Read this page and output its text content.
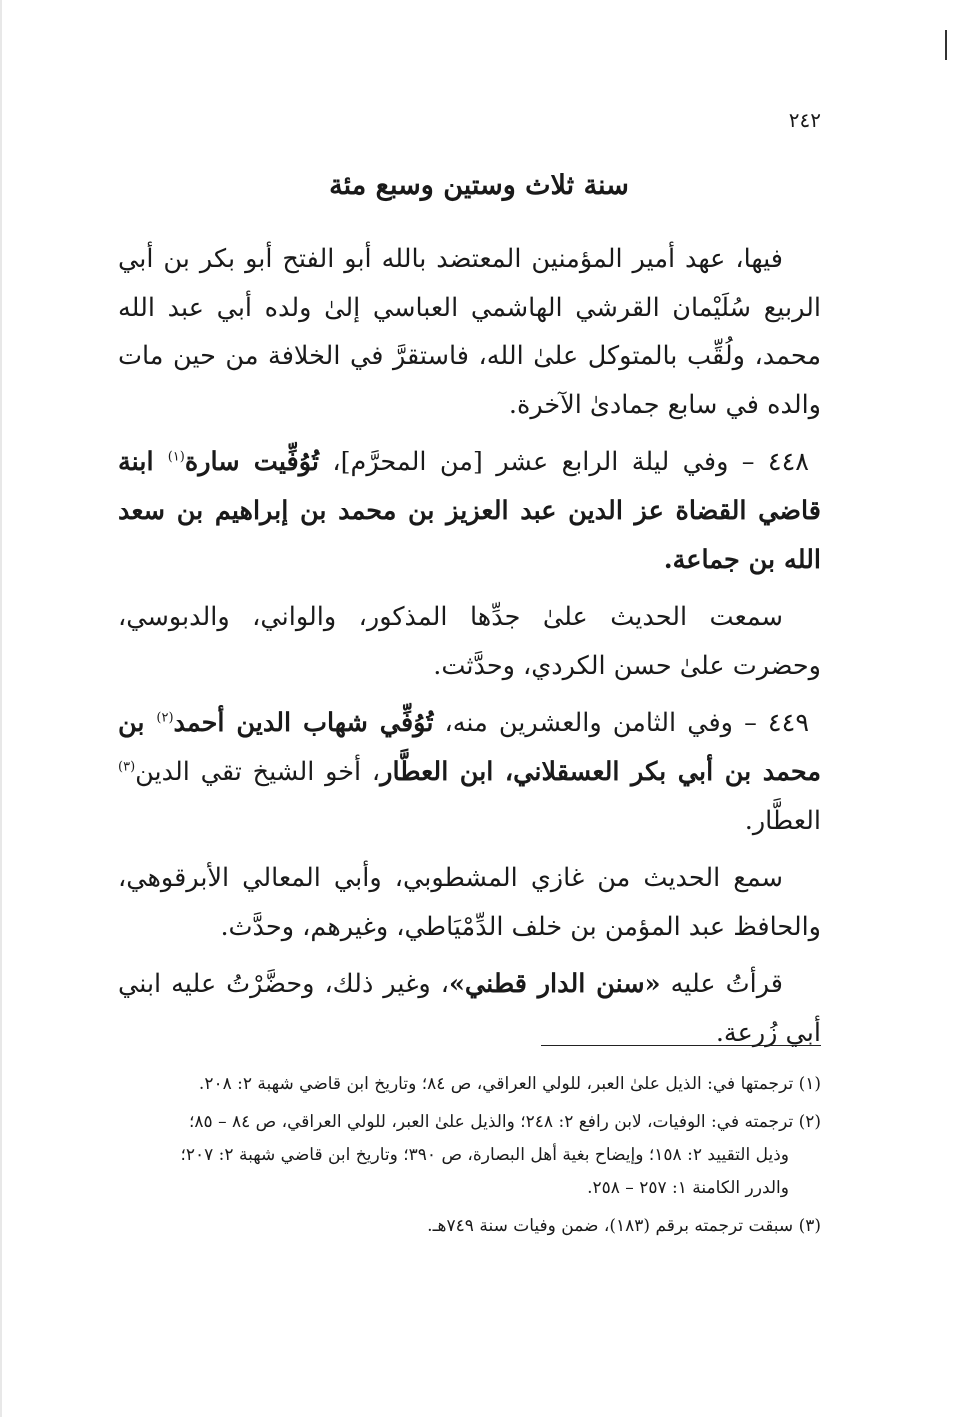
٢٤٢
سنة ثلاث وستين وسبع مئة

فيها، عهد أمير المؤمنين المعتضد بالله أبو الفتح أبو بكر بن أبي الربيع سُلَيْمان القرشي الهاشمي العباسي إلىٰ ولده أبي عبد الله محمد، ولُقِّب بالمتوكل علىٰ الله، فاستقرَّ في الخلافة من حين مات والده في سابع جمادىٰ الآخرة.

٤٤٨ – وفي ليلة الرابع عشر [من المحرَّم]، تُوُفِّيت سارة$^{(١)}$ ابنة قاضي القضاة عز الدين عبد العزيز بن محمد بن إبراهيم بن سعد الله بن جماعة.

سمعت الحديث علىٰ جدِّها المذكور، والواني، والدبوسي، وحضرت علىٰ حسن الكردي، وحدَّثت.

٤٤٩ – وفي الثامن والعشرين منه، تُوُفِّي شهاب الدين أحمد$^{(٢)}$ بن محمد بن أبي بكر العسقلاني، ابن العطَّار، أخو الشيخ تقي الدين$^{(٣)}$ العطَّار.

سمع الحديث من غازي المشطوبي، وأبي المعالي الأبرقوهي، والحافظ عبد المؤمن بن خلف الدِّمْيَاطي، وغيرهم، وحدَّث.

قرأتُ عليه «سنن الدار قطني»، وغير ذلك، وحضَّرْتُ عليه ابني أبي زُرعة.

(١) ترجمتها في: الذيل علىٰ العبر، للولي العراقي، ص ٨٤؛ وتاريخ ابن قاضي شهبة ٢: ٢٠٨.

(٢) ترجمته في: الوفيات، لابن رافع ٢: ٢٤٨؛ والذيل علىٰ العبر، للولي العراقي، ص ٨٤ – ٨٥؛
وذيل التقييد ٢: ١٥٨؛ وإيضاح بغية أهل البصارة، ص ٣٩٠؛ وتاريخ ابن قاضي شهبة ٢: ٢٠٧؛
والدرر الكامنة ١: ٢٥٧ – ٢٥٨.

(٣) سبقت ترجمته برقم (١٨٣)، ضمن وفيات سنة ٧٤٩هـ.
